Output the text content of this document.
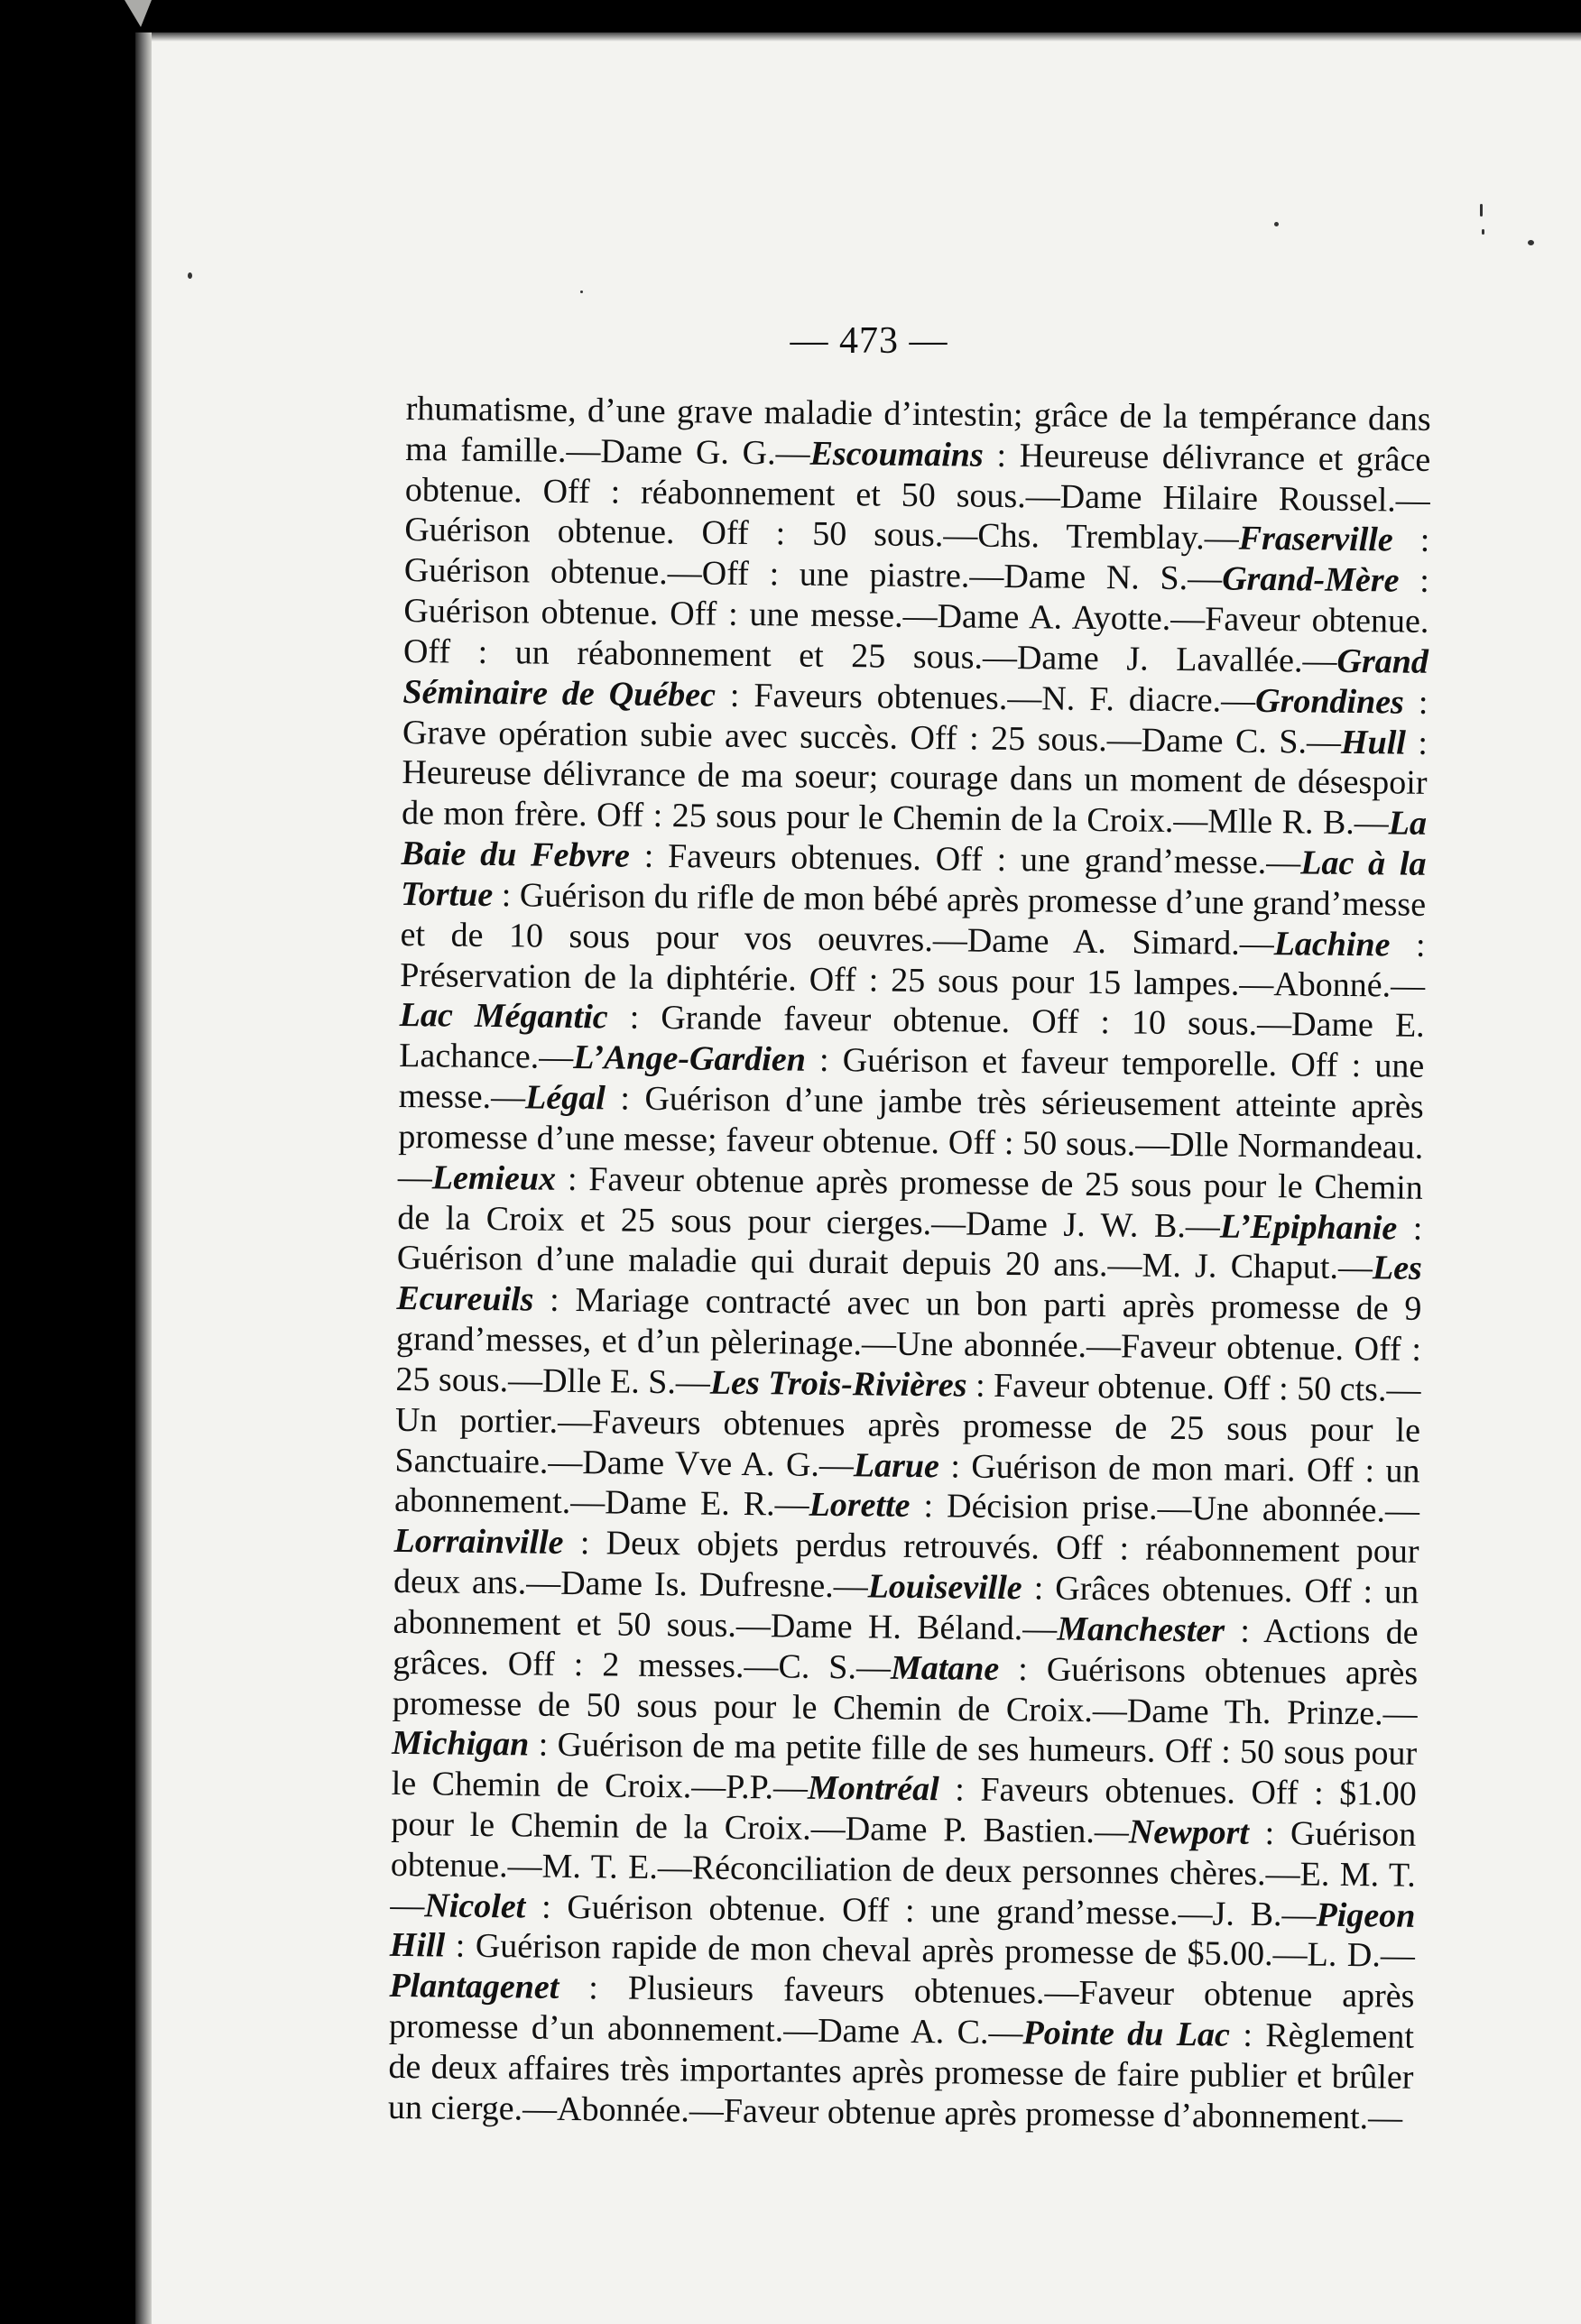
— 473 —

rhumatisme, d’une grave maladie d’intestin; grâce de la tempérance dans ma famille.—Dame G. G.—Escoumains : Heureuse délivrance et grâce obtenue. Off : réabonnement et 50 sous.—Dame Hilaire Roussel.—Guérison obtenue. Off : 50 sous.—Chs. Tremblay.—Fraserville : Guérison obtenue.—Off : une piastre.—Dame N. S.—Grand-Mère : Guérison obtenue. Off : une messe.—Dame A. Ayotte.—Faveur obtenue. Off : un réabonnement et 25 sous.—Dame J. Lavallée.—Grand Séminaire de Québec : Faveurs obtenues.—N. F. diacre.—Grondines : Grave opération subie avec succès. Off : 25 sous.—Dame C. S.—Hull : Heureuse délivrance de ma soeur; courage dans un moment de désespoir de mon frère. Off : 25 sous pour le Chemin de la Croix.—Mlle R. B.—La Baie du Febvre : Faveurs obtenues. Off : une grand’messe.—Lac à la Tortue : Guérison du rifle de mon bébé après promesse d’une grand’messe et de 10 sous pour vos oeuvres.—Dame A. Simard.—Lachine : Préservation de la diphtérie. Off : 25 sous pour 15 lampes.—Abonné.—Lac Mégantic : Grande faveur obtenue. Off : 10 sous.—Dame E. Lachance.—L’Ange-Gardien : Guérison et faveur temporelle. Off : une messe.—Légal : Guérison d’une jambe très sérieusement atteinte après promesse d’une messe; faveur obtenue. Off : 50 sous.—Dlle Normandeau.—Lemieux : Faveur obtenue après promesse de 25 sous pour le Chemin de la Croix et 25 sous pour cierges.—Dame J. W. B.—L’Epiphanie : Guérison d’une maladie qui durait depuis 20 ans.—M. J. Chaput.—Les Ecureuils : Mariage contracté avec un bon parti après promesse de 9 grand’messes, et d’un pèlerinage.—Une abonnée.—Faveur obtenue. Off : 25 sous.—Dlle E. S.—Les Trois-Rivières : Faveur obtenue. Off : 50 cts.—Un portier.—Faveurs obtenues après promesse de 25 sous pour le Sanctuaire.—Dame Vve A. G.—Larue : Guérison de mon mari. Off : un abonnement.—Dame E. R.—Lorette : Décision prise.—Une abonnée.—Lorrainville : Deux objets perdus retrouvés. Off : réabonnement pour deux ans.—Dame Is. Dufresne.—Louiseville : Grâces obtenues. Off : un abonnement et 50 sous.—Dame H. Béland.—Manchester : Actions de grâces. Off : 2 messes.—C. S.—Matane : Guérisons obtenues après promesse de 50 sous pour le Chemin de Croix.—Dame Th. Prinze.—Michigan : Guérison de ma petite fille de ses humeurs. Off : 50 sous pour le Chemin de Croix.—P.P.—Montréal : Faveurs obtenues. Off : $1.00 pour le Chemin de la Croix.—Dame P. Bastien.—Newport : Guérison obtenue.—M. T. E.—Réconciliation de deux personnes chères.—E. M. T.—Nicolet : Guérison obtenue. Off : une grand’messe.—J. B.—Pigeon Hill : Guérison rapide de mon cheval après promesse de $5.00.—L. D.—Plantagenet : Plusieurs faveurs obtenues.—Faveur obtenue après promesse d’un abonnement.—Dame A. C.—Pointe du Lac : Règlement de deux affaires très importantes après promesse de faire publier et brûler un cierge.—Abonnée.—Faveur obtenue après promesse d’abonnement.—
